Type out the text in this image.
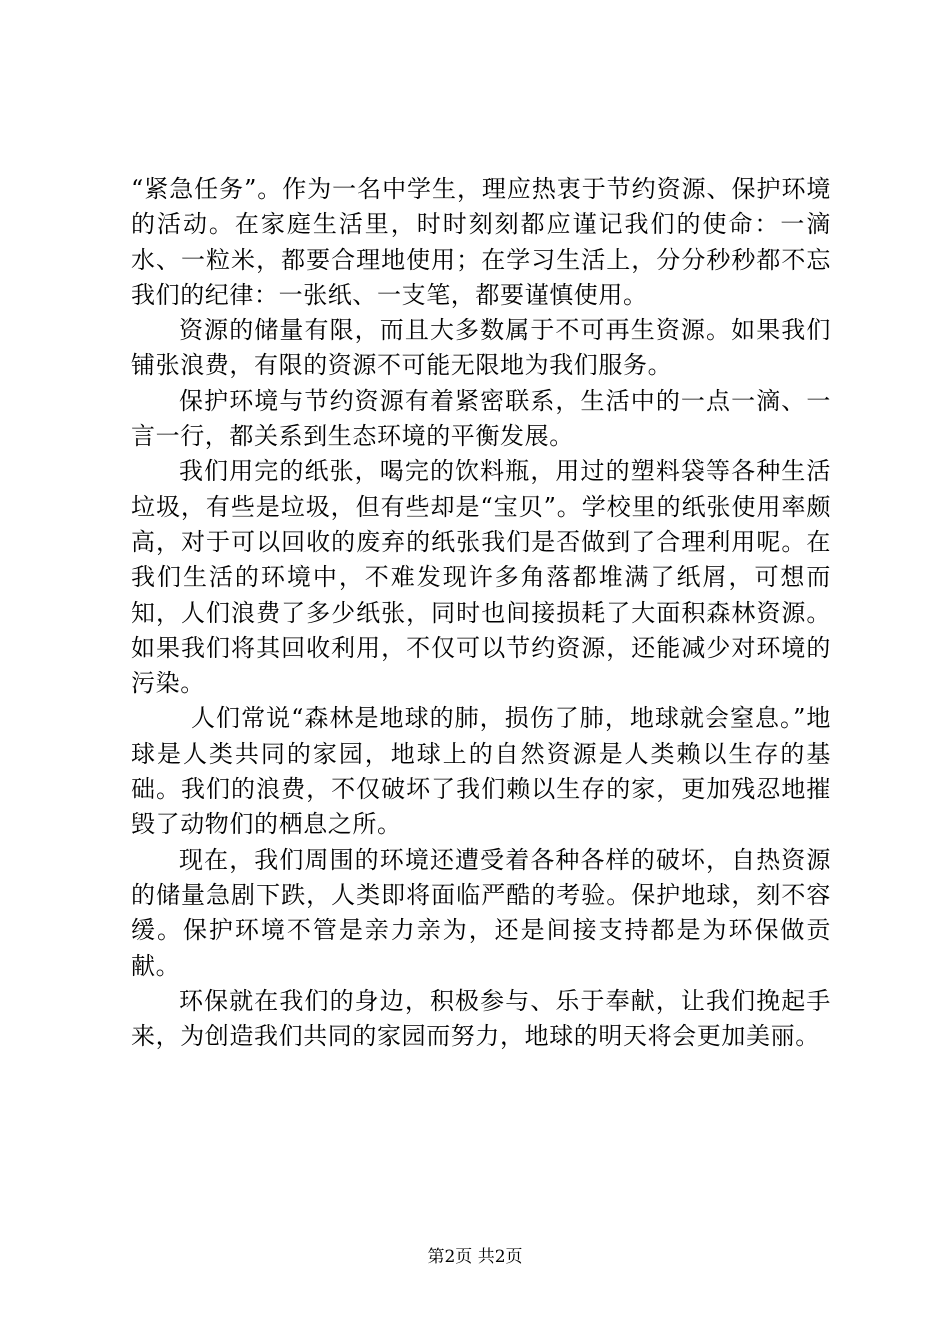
“紧急任务”。作为一名中学生，理应热衷于节约资源、保护环境的活动。在家庭生活里，时时刻刻都应谨记我们的使命：一滴水、一粒米，都要合理地使用；在学习生活上，分分秒秒都不忘我们的纪律：一张纸、一支笔，都要谨慎使用。

资源的储量有限，而且大多数属于不可再生资源。如果我们铺张浪费，有限的资源不可能无限地为我们服务。

保护环境与节约资源有着紧密联系，生活中的一点一滴、一言一行，都关系到生态环境的平衡发展。

我们用完的纸张，喝完的饮料瓶，用过的塑料袋等各种生活垃圾，有些是垃圾，但有些却是“宝贝”。学校里的纸张使用率颇高，对于可以回收的废弃的纸张我们是否做到了合理利用呢。在我们生活的环境中，不难发现许多角落都堆满了纸屑，可想而知，人们浪费了多少纸张，同时也间接损耗了大面积森林资源。如果我们将其回收利用，不仅可以节约资源，还能减少对环境的污染。

人们常说“森林是地球的肺，损伤了肺，地球就会窒息。”地球是人类共同的家园，地球上的自然资源是人类赖以生存的基础。我们的浪费，不仅破坏了我们赖以生存的家，更加残忍地摧毁了动物们的栖息之所。

现在，我们周围的环境还遭受着各种各样的破坏，自热资源的储量急剧下跌，人类即将面临严酷的考验。保护地球，刻不容缓。保护环境不管是亲力亲为，还是间接支持都是为环保做贡献。

环保就在我们的身边，积极参与、乐于奉献，让我们挽起手来，为创造我们共同的家园而努力，地球的明天将会更加美丽。

第2页 共2页
